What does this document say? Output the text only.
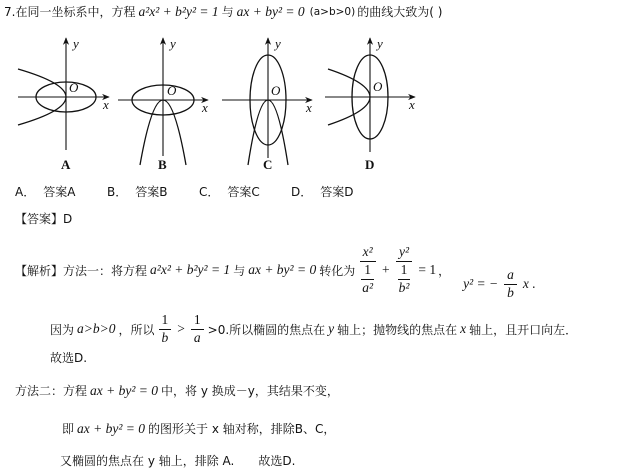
7.在同一坐标系中，方程 a²x² + b²y² = 1 与 ax + by² = 0 (a>b>0) 的曲线大致为( )
y
x
O
A
y
x
O
B
y
x
O
C
y
x
O
D
A． 答案A	B． 答案B	C． 答案C	D． 答案D
【答案】 D
【解析】 方法一：将方程 a²x² + b²y² = 1 与 ax + by² = 0 转化为 $\frac{\text{x²}}{\frac{1}{\text{a²}}} + \frac{\text{y²}}{\frac{1}{\text{b²}}} = 1$ ，
y² = − $\frac{a}{b}$ x .
因为 a>b>0 ，所以 $\frac{1}{b} > \frac{1}{a} >0$.所以椭圆的焦点在 y 轴上；抛物线的焦点在 x 轴上，且开口向左．
故选D.
方法二：方程 ax + by² = 0 中，将 y 换成－y，其结果不变，
即 ax + by² = 0 的图形关于 x 轴对称，排除B、C，
又椭圆的焦点在 y 轴上，排除 A. 故选D.
